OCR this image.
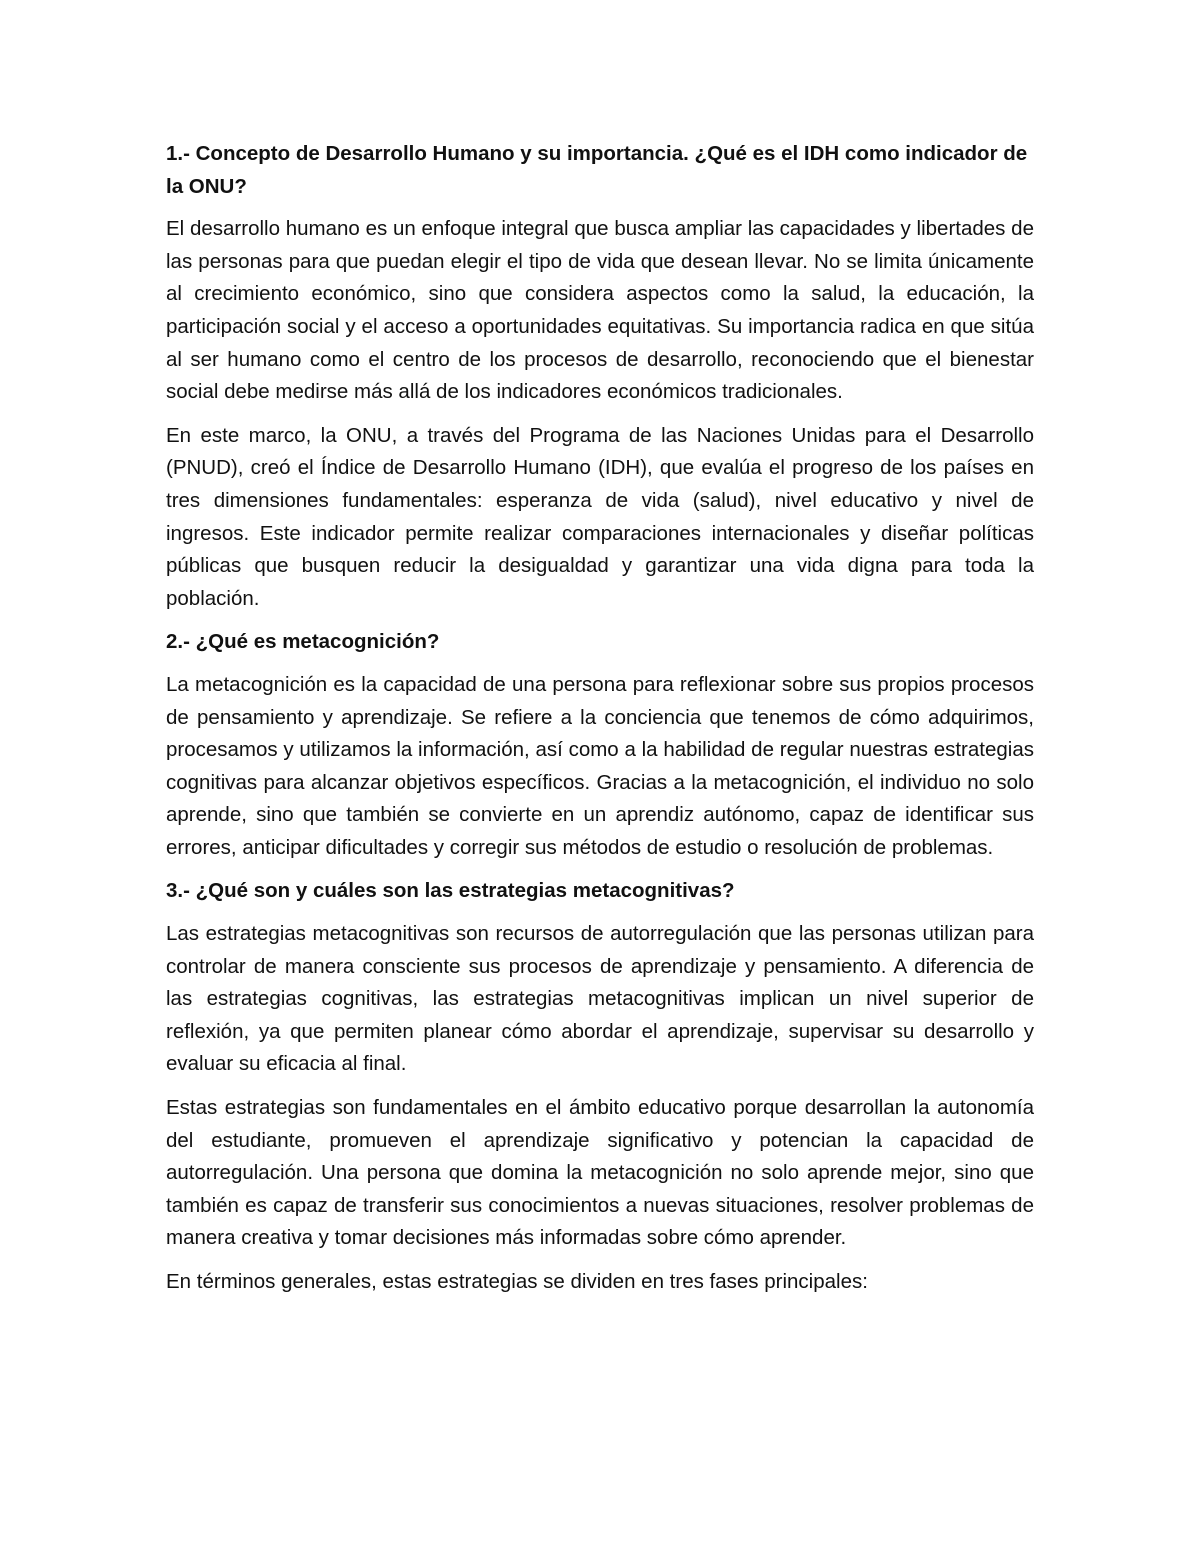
1.- Concepto de Desarrollo Humano y su importancia. ¿Qué es el IDH como indicador de la ONU?

El desarrollo humano es un enfoque integral que busca ampliar las capacidades y libertades de las personas para que puedan elegir el tipo de vida que desean llevar. No se limita únicamente al crecimiento económico, sino que considera aspectos como la salud, la educación, la participación social y el acceso a oportunidades equitativas. Su importancia radica en que sitúa al ser humano como el centro de los procesos de desarrollo, reconociendo que el bienestar social debe medirse más allá de los indicadores económicos tradicionales.

En este marco, la ONU, a través del Programa de las Naciones Unidas para el Desarrollo (PNUD), creó el Índice de Desarrollo Humano (IDH), que evalúa el progreso de los países en tres dimensiones fundamentales: esperanza de vida (salud), nivel educativo y nivel de ingresos. Este indicador permite realizar comparaciones internacionales y diseñar políticas públicas que busquen reducir la desigualdad y garantizar una vida digna para toda la población.

2.- ¿Qué es metacognición?

La metacognición es la capacidad de una persona para reflexionar sobre sus propios procesos de pensamiento y aprendizaje. Se refiere a la conciencia que tenemos de cómo adquirimos, procesamos y utilizamos la información, así como a la habilidad de regular nuestras estrategias cognitivas para alcanzar objetivos específicos. Gracias a la metacognición, el individuo no solo aprende, sino que también se convierte en un aprendiz autónomo, capaz de identificar sus errores, anticipar dificultades y corregir sus métodos de estudio o resolución de problemas.

3.- ¿Qué son y cuáles son las estrategias metacognitivas?

Las estrategias metacognitivas son recursos de autorregulación que las personas utilizan para controlar de manera consciente sus procesos de aprendizaje y pensamiento. A diferencia de las estrategias cognitivas, las estrategias metacognitivas implican un nivel superior de reflexión, ya que permiten planear cómo abordar el aprendizaje, supervisar su desarrollo y evaluar su eficacia al final.

Estas estrategias son fundamentales en el ámbito educativo porque desarrollan la autonomía del estudiante, promueven el aprendizaje significativo y potencian la capacidad de autorregulación. Una persona que domina la metacognición no solo aprende mejor, sino que también es capaz de transferir sus conocimientos a nuevas situaciones, resolver problemas de manera creativa y tomar decisiones más informadas sobre cómo aprender.

En términos generales, estas estrategias se dividen en tres fases principales:
